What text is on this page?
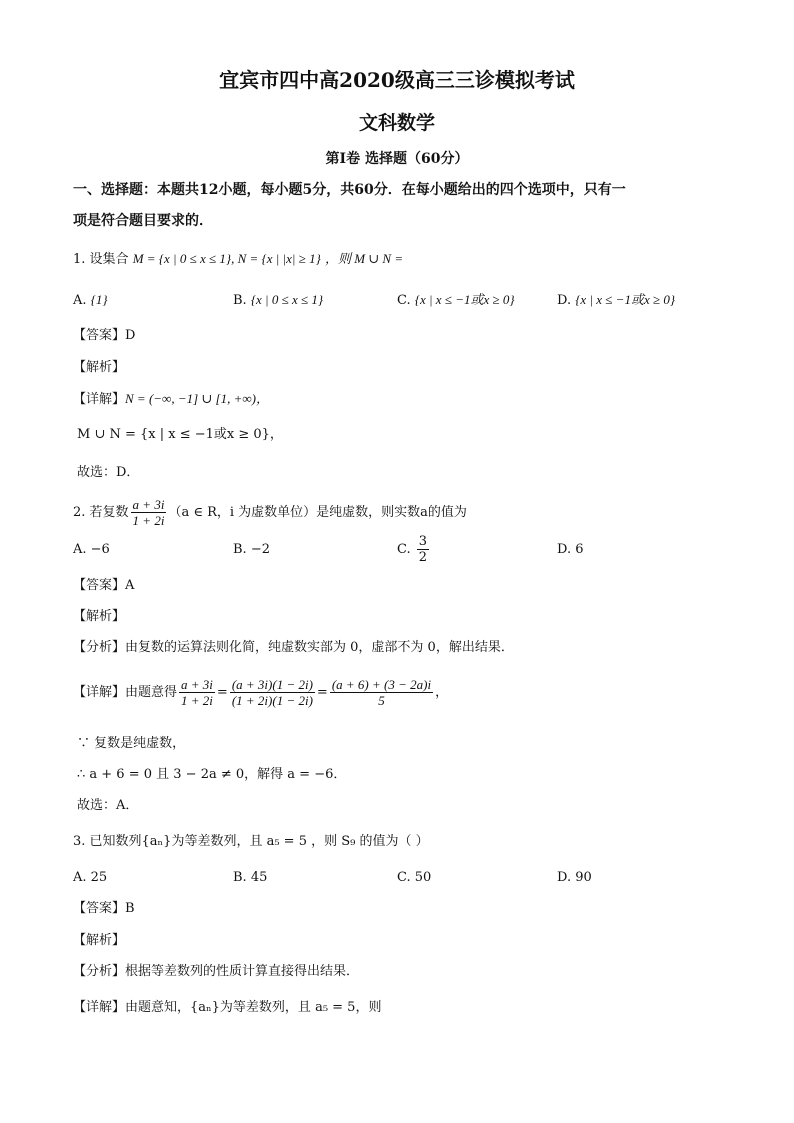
宜宾市四中高2020级高三三诊模拟考试
文科数学
第I卷 选择题（60分）
一、选择题：本题共12小题，每小题5分，共60分．在每小题给出的四个选项中，只有一
项是符合题目要求的．
1. 设集合 M = {x | 0 ≤ x ≤ 1}, N = {x | |x| ≥ 1} ，则 M ∪ N =
A. {1}	B. {x | 0 ≤ x ≤ 1}	C. {x | x ≤ −1或x ≥ 0}	D. {x | x ≤ −1或x ≥ 0}
【答案】D
【解析】
【详解】N = (−∞, −1] ∪ [1, +∞)，
M ∪ N = {x | x ≤ −1或x ≥ 0}，
故选：D．
2. 若复数 $\frac{a + 3i}{1 + 2i} (a$ ∈ R，i 为虚数单位）是纯虚数，则实数a的值为
A. −6	B. −2	C. $\frac{3}{2}$	D. 6
【答案】A
【解析】
【分析】由复数的运算法则化简，纯虚数实部为 0，虚部不为 0，解出结果．
【详解】由题意得 $\frac{a + 3i}{1 + 2i} = \frac{(a + 3i)(1 - 2i)}{(1 + 2i)(1 - 2i)} = \frac{(a + 6) + (3 - 2a)i}{5}$ ，
∵ 复数是纯虚数，
∴ a + 6 = 0 且 3 − 2a ≠ 0，解得 a = −6．
故选：A．
3. 已知数列{aₙ}为等差数列，且 a₅ = 5 ，则 S₉ 的值为（ ）
A. 25	B. 45	C. 50	D. 90
【答案】B
【解析】
【分析】根据等差数列的性质计算直接得出结果．
【详解】由题意知，{aₙ}为等差数列，且 a₅ = 5，则
